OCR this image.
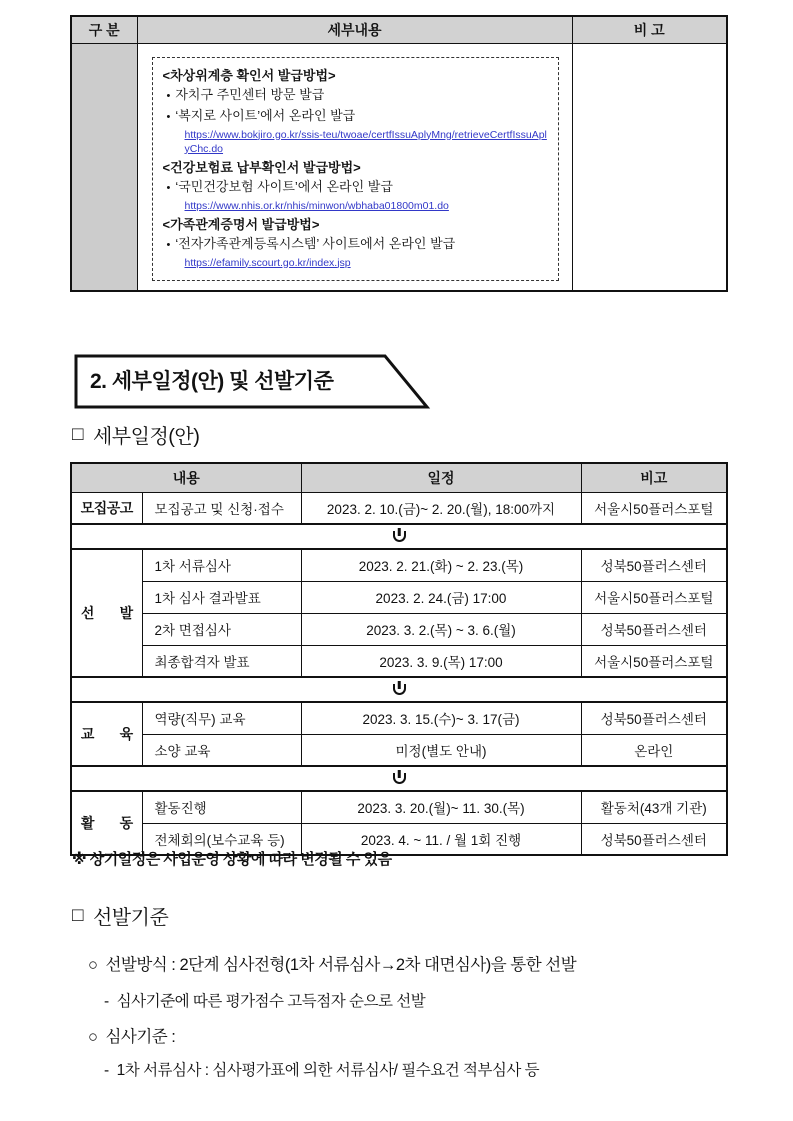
구 분	세부내용	비 고

<차상위계층 확인서 발급방법>
• 자치구 주민센터 방문 발급
• ‘복지로 사이트’에서 온라인 발급
https://www.bokjiro.go.kr/ssis-teu/twoae/certfIssuAplyMng/retrieveCertfIssuAplyChc.do
<건강보험료 납부확인서 발급방법>
• ‘국민건강보험 사이트’에서 온라인 발급
https://www.nhis.or.kr/nhis/minwon/wbhaba01800m01.do
<가족관계증명서 발급방법>
• ‘전자가족관계등록시스템’ 사이트에서 온라인 발급
https://efamily.scourt.go.kr/index.jsp

2. 세부일정(안) 및 선발기준
□ 세부일정(안)
내용		일정	비고
모집공고	모집공고 및 신청·접수	2023. 2. 10.(금)~ 2. 20.(월), 18:00까지	서울시50플러스포털

선 발	1차 서류심사	2023. 2. 21.(화) ~ 2. 23.(목)	성북50플러스센터
	1차 심사 결과발표	2023. 2. 24.(금) 17:00	서울시50플러스포털
	2차 면접심사	2023. 3. 2.(목) ~ 3. 6.(월)	성북50플러스센터
	최종합격자 발표	2023. 3. 9.(목) 17:00	서울시50플러스포털

교 육	역량(직무) 교육	2023. 3. 15.(수)~ 3. 17(금)	성북50플러스센터
	소양 교육	미정(별도 안내)	온라인

활 동	활동진행	2023. 3. 20.(월)~ 11. 30.(목)	활동처(43개 기관)
	전체회의(보수교육 등)	2023. 4. ~ 11. / 월 1회 진행	성북50플러스센터
※ 상기일정은 사업운영 상황에 따라 변경될 수 있음
□ 선발기준
○ 선발방식 : 2단계 심사전형(1차 서류심사→2차 대면심사)을 통한 선발
- 심사기준에 따른 평가점수 고득점자 순으로 선발
○ 심사기준 :
- 1차 서류심사 : 심사평가표에 의한 서류심사/ 필수요건 적부심사 등
